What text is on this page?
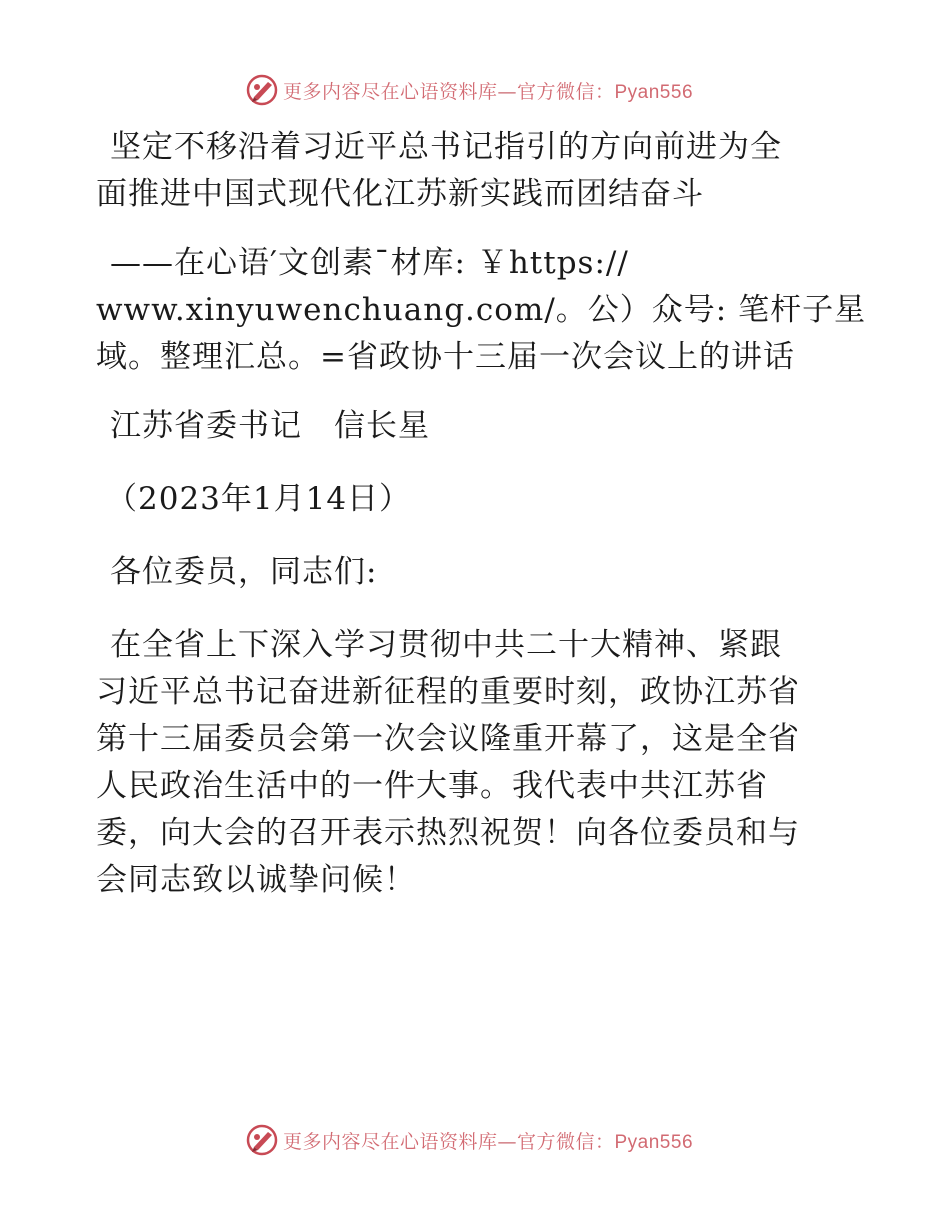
更多内容尽在心语资料库—官方微信：Pyan556
坚定不移沿着习近平总书记指引的方向前进为全
面推进中国式现代化江苏新实践而团结奋斗
——在心语′文创素¯材库: ￥https://
www.xinyuwenchuang.com/。公）众号: 笔杆子星
域。整理汇总。=省政协十三届一次会议上的讲话
江苏省委书记　信长星
（2023年1月14日）
各位委员，同志们:
在全省上下深入学习贯彻中共二十大精神、紧跟
习近平总书记奋进新征程的重要时刻，政协江苏省
第十三届委员会第一次会议隆重开幕了，这是全省
人民政治生活中的一件大事。我代表中共江苏省
委，向大会的召开表示热烈祝贺！向各位委员和与
会同志致以诚挚问候！
更多内容尽在心语资料库—官方微信：Pyan556
